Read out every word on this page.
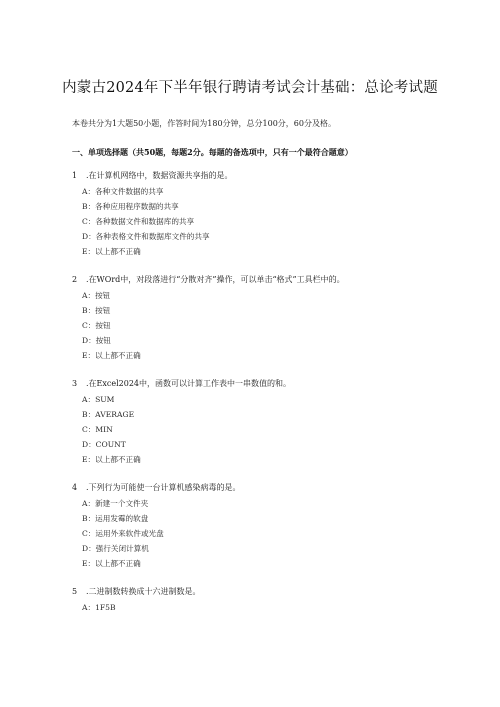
内蒙古2024年下半年银行聘请考试会计基础：总论考试题
本卷共分为1大题50小题，作答时间为180分钟，总分100分，60分及格。
一、单项选择题（共50题，每题2分。每题的备选项中，只有一个最符合题意）
1 .在计算机网络中，数据资源共享指的是。
A：各种文件数据的共享
B：各种应用程序数据的共享
C：各种数据文件和数据库的共享
D：各种表格文件和数据库文件的共享
E：以上都不正确
2 .在WOrd中，对段落进行“分散对齐”操作，可以单击“格式”工具栏中的。
A：按钮
B：按钮
C：按钮
D：按钮
E：以上都不正确
3 .在Excel2024中，函数可以计算工作表中一串数值的和。
A：SUM
B：AVERAGE
C：MIN
D：COUNT
E：以上都不正确
4 .下列行为可能使一台计算机感染病毒的是。
A：新建一个文件夹
B：运用发霉的软盘
C：运用外来软件或光盘
D：强行关闭计算机
E：以上都不正确
5 .二进制数转换成十六进制数是。
A：1F5B
